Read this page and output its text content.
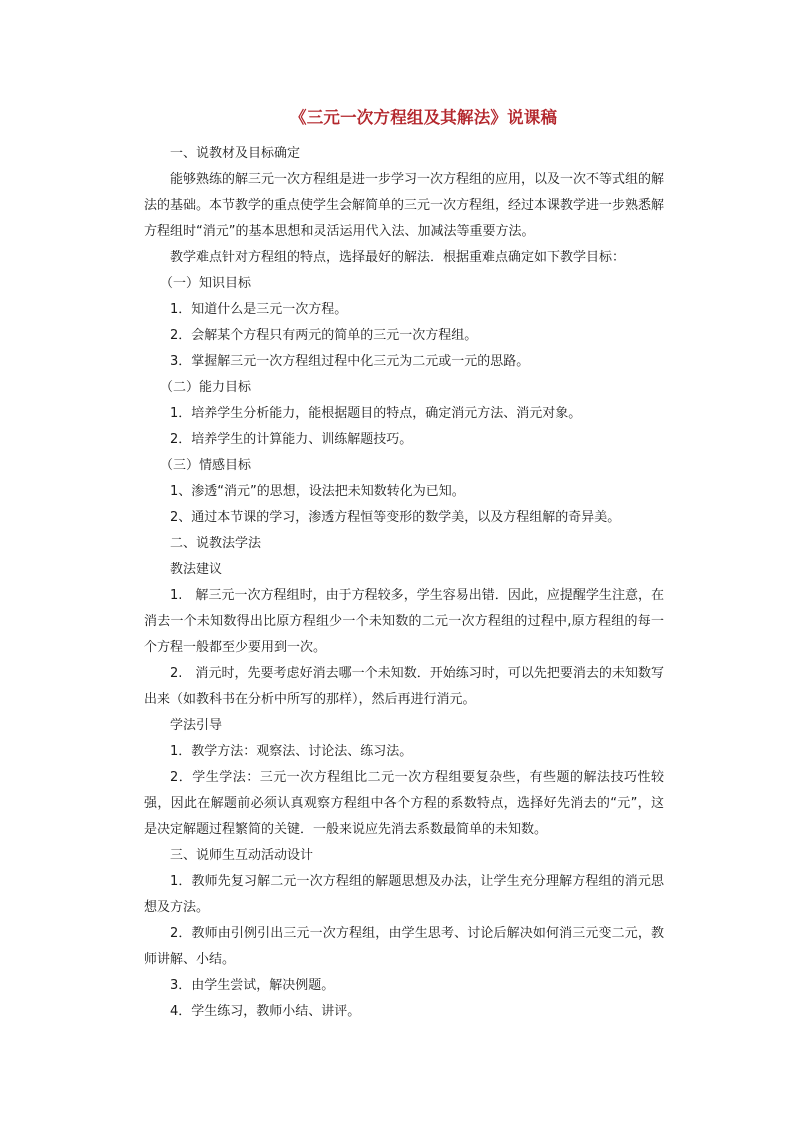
《三元一次方程组及其解法》说课稿

一、说教材及目标确定

能够熟练的解三元一次方程组是进一步学习一次方程组的应用，以及一次不等式组的解法的基础。本节教学的重点使学生会解简单的三元一次方程组，经过本课教学进一步熟悉解方程组时“消元”的基本思想和灵活运用代入法、加减法等重要方法。

教学难点针对方程组的特点，选择最好的解法．根据重难点确定如下教学目标：

（一）知识目标

1．知道什么是三元一次方程。

2．会解某个方程只有两元的简单的三元一次方程组。

3．掌握解三元一次方程组过程中化三元为二元或一元的思路。

（二）能力目标

1．培养学生分析能力，能根据题目的特点，确定消元方法、消元对象。

2．培养学生的计算能力、训练解题技巧。

（三）情感目标

1、渗透“消元”的思想，设法把未知数转化为已知。

2、通过本节课的学习，渗透方程恒等变形的数学美，以及方程组解的奇异美。

二、说教法学法

教法建议

1.　解三元一次方程组时，由于方程较多，学生容易出错．因此，应提醒学生注意，在消去一个未知数得出比原方程组少一个未知数的二元一次方程组的过程中,原方程组的每一个方程一般都至少要用到一次。

2.　消元时，先要考虑好消去哪一个未知数．开始练习时，可以先把要消去的未知数写出来（如教科书在分析中所写的那样），然后再进行消元。

学法引导

1．教学方法：观察法、讨论法、练习法。

2．学生学法：三元一次方程组比二元一次方程组要复杂些，有些题的解法技巧性较强，因此在解题前必须认真观察方程组中各个方程的系数特点，选择好先消去的“元”，这是决定解题过程繁简的关键．一般来说应先消去系数最简单的未知数。

三、说师生互动活动设计

1．教师先复习解二元一次方程组的解题思想及办法，让学生充分理解方程组的消元思想及方法。

2．教师由引例引出三元一次方程组，由学生思考、讨论后解决如何消三元变二元，教师讲解、小结。

3．由学生尝试，解决例题。

4．学生练习，教师小结、讲评。
